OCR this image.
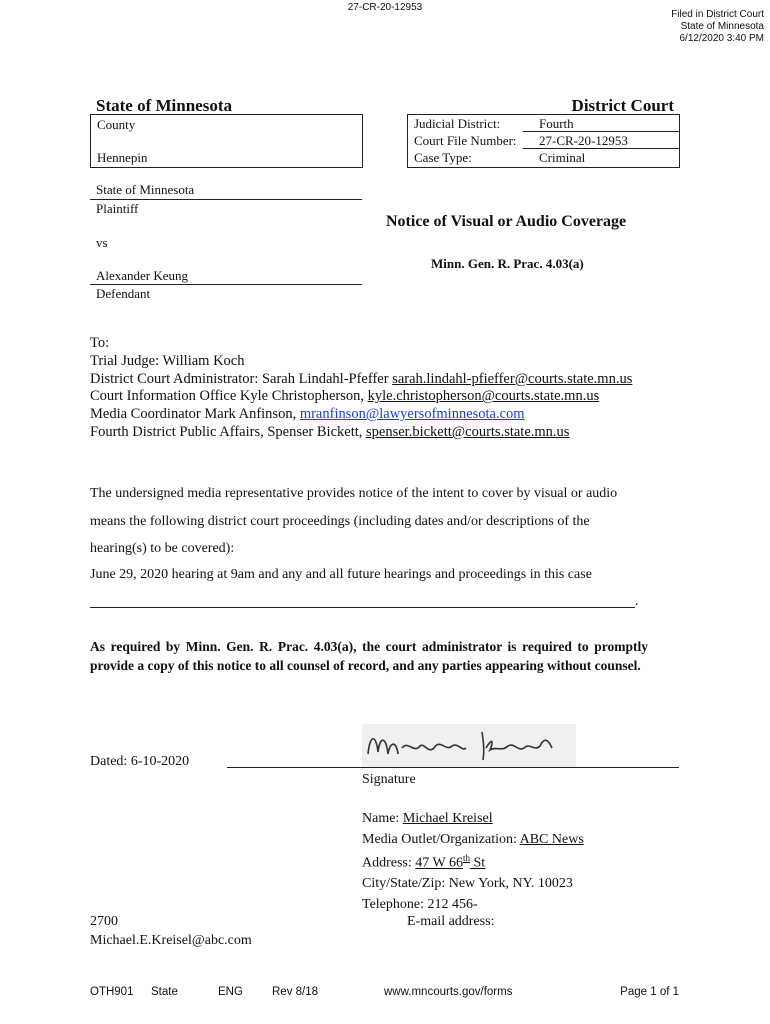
27-CR-20-12953
Filed in District Court
State of Minnesota
6/12/2020 3:40 PM
State of Minnesota	District Court
County
Hennepin
Judicial District:	Fourth
Court File Number: 27-CR-20-12953
Case Type:	Criminal
State of Minnesota
Plaintiff
vs
Alexander Keung
Defendant
Notice of Visual or Audio Coverage
Minn. Gen. R. Prac. 4.03(a)
To:
Trial Judge: William Koch
District Court Administrator: Sarah Lindahl-Pfeffer sarah.lindahl-pfieffer@courts.state.mn.us
Court Information Office Kyle Christopherson, kyle.christopherson@courts.state.mn.us
Media Coordinator Mark Anfinson, mranfinson@lawyersofminnesota.com
Fourth District Public Affairs, Spenser Bickett, spenser.bickett@courts.state.mn.us
The undersigned media representative provides notice of the intent to cover by visual or audio
means the following district court proceedings (including dates and/or descriptions of the
hearing(s) to be covered):
June 29, 2020 hearing at 9am and any and all future hearings and proceedings in this case
.
As required by Minn. Gen. R. Prac. 4.03(a), the court administrator is required to promptly provide a copy of this notice to all counsel of record, and any parties appearing without counsel.
Dated: 6-10-2020
Signature
Name: Michael Kreisel
Media Outlet/Organization: ABC News
Address: 47 W 66th St
City/State/Zip: New York, NY. 10023
Telephone: 212 456-
E-mail address:
2700
Michael.E.Kreisel@abc.com
OTH901 State	ENG	Rev 8/18	www.mncourts.gov/forms	Page 1 of 1
